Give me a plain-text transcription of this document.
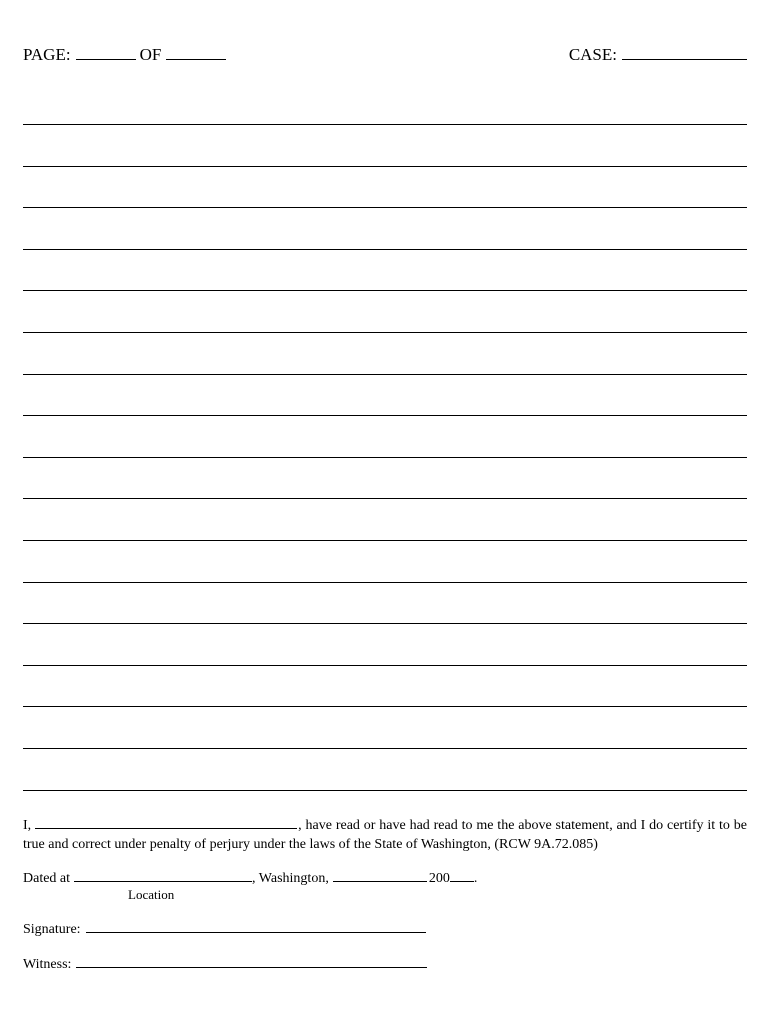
PAGE:	OF	CASE:
I,	, have read or have had read to me the above statement, and I do certify it to be true and correct under penalty of perjury under the laws of the State of Washington, (RCW 9A.72.085)
Dated at	, Washington,	200 .
Location
Signature:
Witness:
